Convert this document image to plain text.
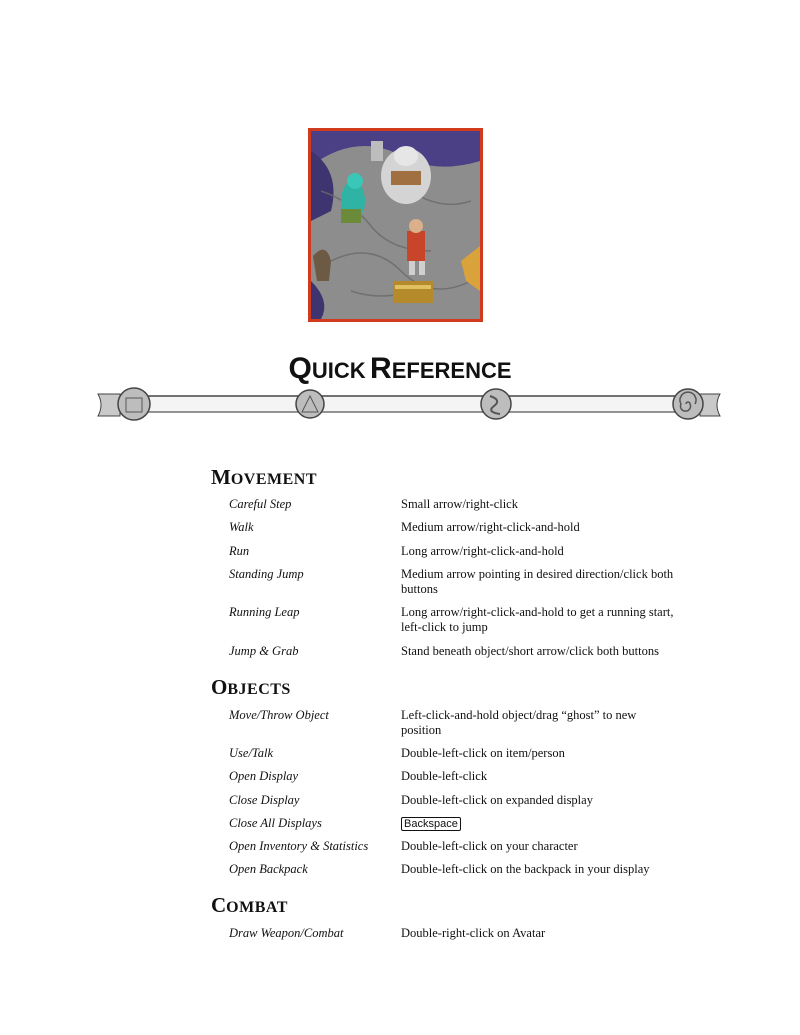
QUICK REFERENCE
MOVEMENT
Careful Step	Small arrow/right-click
Walk	Medium arrow/right-click-and-hold
Run	Long arrow/right-click-and-hold
Standing Jump	Medium arrow pointing in desired direction/click both buttons
Running Leap	Long arrow/right-click-and-hold to get a running start, left-click to jump
Jump & Grab	Stand beneath object/short arrow/click both buttons
OBJECTS
Move/Throw Object	Left-click-and-hold object/drag “ghost” to new position
Use/Talk	Double-left-click on item/person
Open Display	Double-left-click
Close Display	Double-left-click on expanded display
Close All Displays	Backspace
Open Inventory & Statistics	Double-left-click on your character
Open Backpack	Double-left-click on the backpack in your display
COMBAT
Draw Weapon/Combat	Double-right-click on Avatar
